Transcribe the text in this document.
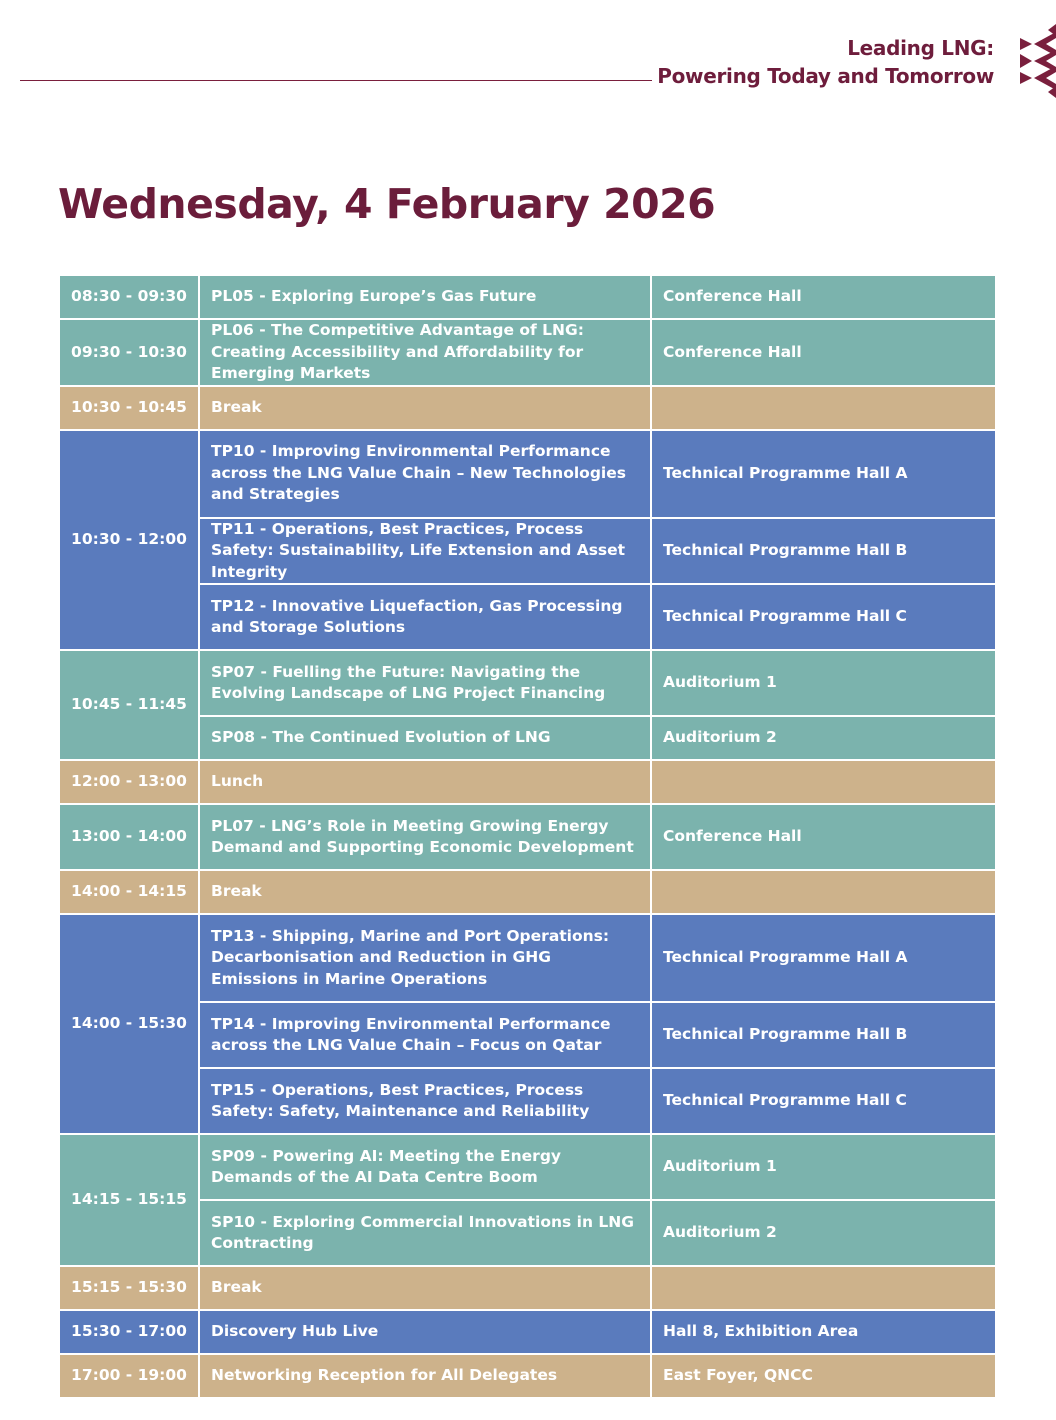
Leading LNG:
Powering Today and Tomorrow
Wednesday, 4 February 2026
08:30 - 09:30	PL05 - Exploring Europe’s Gas Future	Conference Hall
09:30 - 10:30	PL06 - The Competitive Advantage of LNG: Creating Accessibility and Affordability for Emerging Markets	Conference Hall
10:30 - 10:45	Break	
10:30 - 12:00	TP10 - Improving Environmental Performance across the LNG Value Chain – New Technologies and Strategies	Technical Programme Hall A
	TP11 - Operations, Best Practices, Process Safety: Sustainability, Life Extension and Asset Integrity	Technical Programme Hall B
	TP12 - Innovative Liquefaction, Gas Processing and Storage Solutions	Technical Programme Hall C
10:45 - 11:45	SP07 - Fuelling the Future: Navigating the Evolving Landscape of LNG Project Financing	Auditorium 1
	SP08 - The Continued Evolution of LNG	Auditorium 2
12:00 - 13:00	Lunch	
13:00 - 14:00	PL07 - LNG’s Role in Meeting Growing Energy Demand and Supporting Economic Development	Conference Hall
14:00 - 14:15	Break	
14:00 - 15:30	TP13 - Shipping, Marine and Port Operations: Decarbonisation and Reduction in GHG Emissions in Marine Operations	Technical Programme Hall A
	TP14 - Improving Environmental Performance across the LNG Value Chain – Focus on Qatar	Technical Programme Hall B
	TP15 - Operations, Best Practices, Process Safety: Safety, Maintenance and Reliability	Technical Programme Hall C
14:15 - 15:15	SP09 - Powering AI: Meeting the Energy Demands of the AI Data Centre Boom	Auditorium 1
	SP10 - Exploring Commercial Innovations in LNG Contracting	Auditorium 2
15:15 - 15:30	Break	
15:30 - 17:00	Discovery Hub Live	Hall 8, Exhibition Area
17:00 - 19:00	Networking Reception for All Delegates	East Foyer, QNCC
